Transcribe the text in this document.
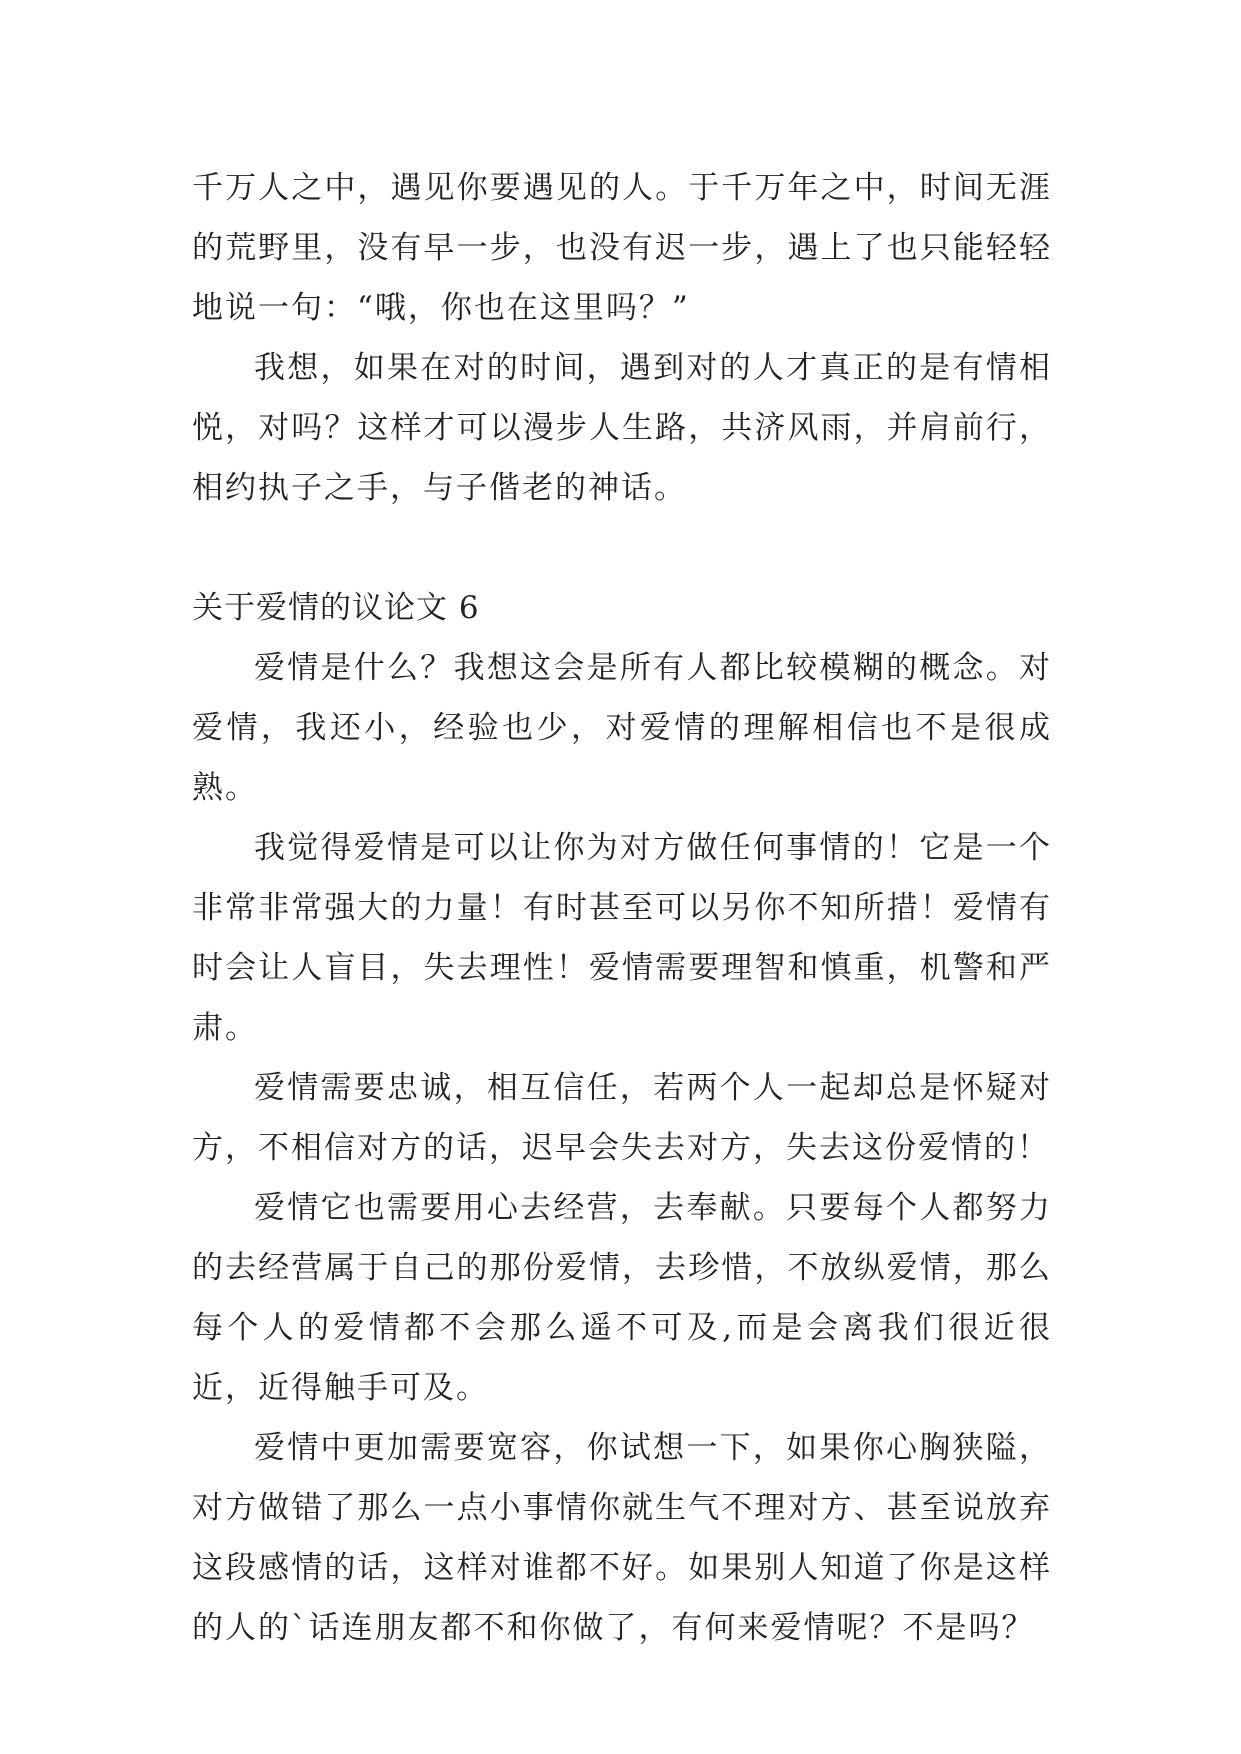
千万人之中，遇见你要遇见的人。于千万年之中，时间无涯的荒野里，没有早一步，也没有迟一步，遇上了也只能轻轻地说一句：“哦，你也在这里吗？”

我想，如果在对的时间，遇到对的人才真正的是有情相悦，对吗？这样才可以漫步人生路，共济风雨，并肩前行，相约执子之手，与子偕老的神话。

关于爱情的议论文 6

爱情是什么？我想这会是所有人都比较模糊的概念。对爱情，我还小，经验也少，对爱情的理解相信也不是很成熟。

我觉得爱情是可以让你为对方做任何事情的！它是一个非常非常强大的力量！有时甚至可以另你不知所措！爱情有时会让人盲目，失去理性！爱情需要理智和慎重，机警和严肃。

爱情需要忠诚，相互信任，若两个人一起却总是怀疑对方，不相信对方的话，迟早会失去对方，失去这份爱情的！

爱情它也需要用心去经营，去奉献。只要每个人都努力的去经营属于自己的那份爱情，去珍惜，不放纵爱情，那么每个人的爱情都不会那么遥不可及,而是会离我们很近很近，近得触手可及。

爱情中更加需要宽容，你试想一下，如果你心胸狭隘，对方做错了那么一点小事情你就生气不理对方、甚至说放弃这段感情的话，这样对谁都不好。如果别人知道了你是这样的人的`话连朋友都不和你做了，有何来爱情呢？不是吗？
